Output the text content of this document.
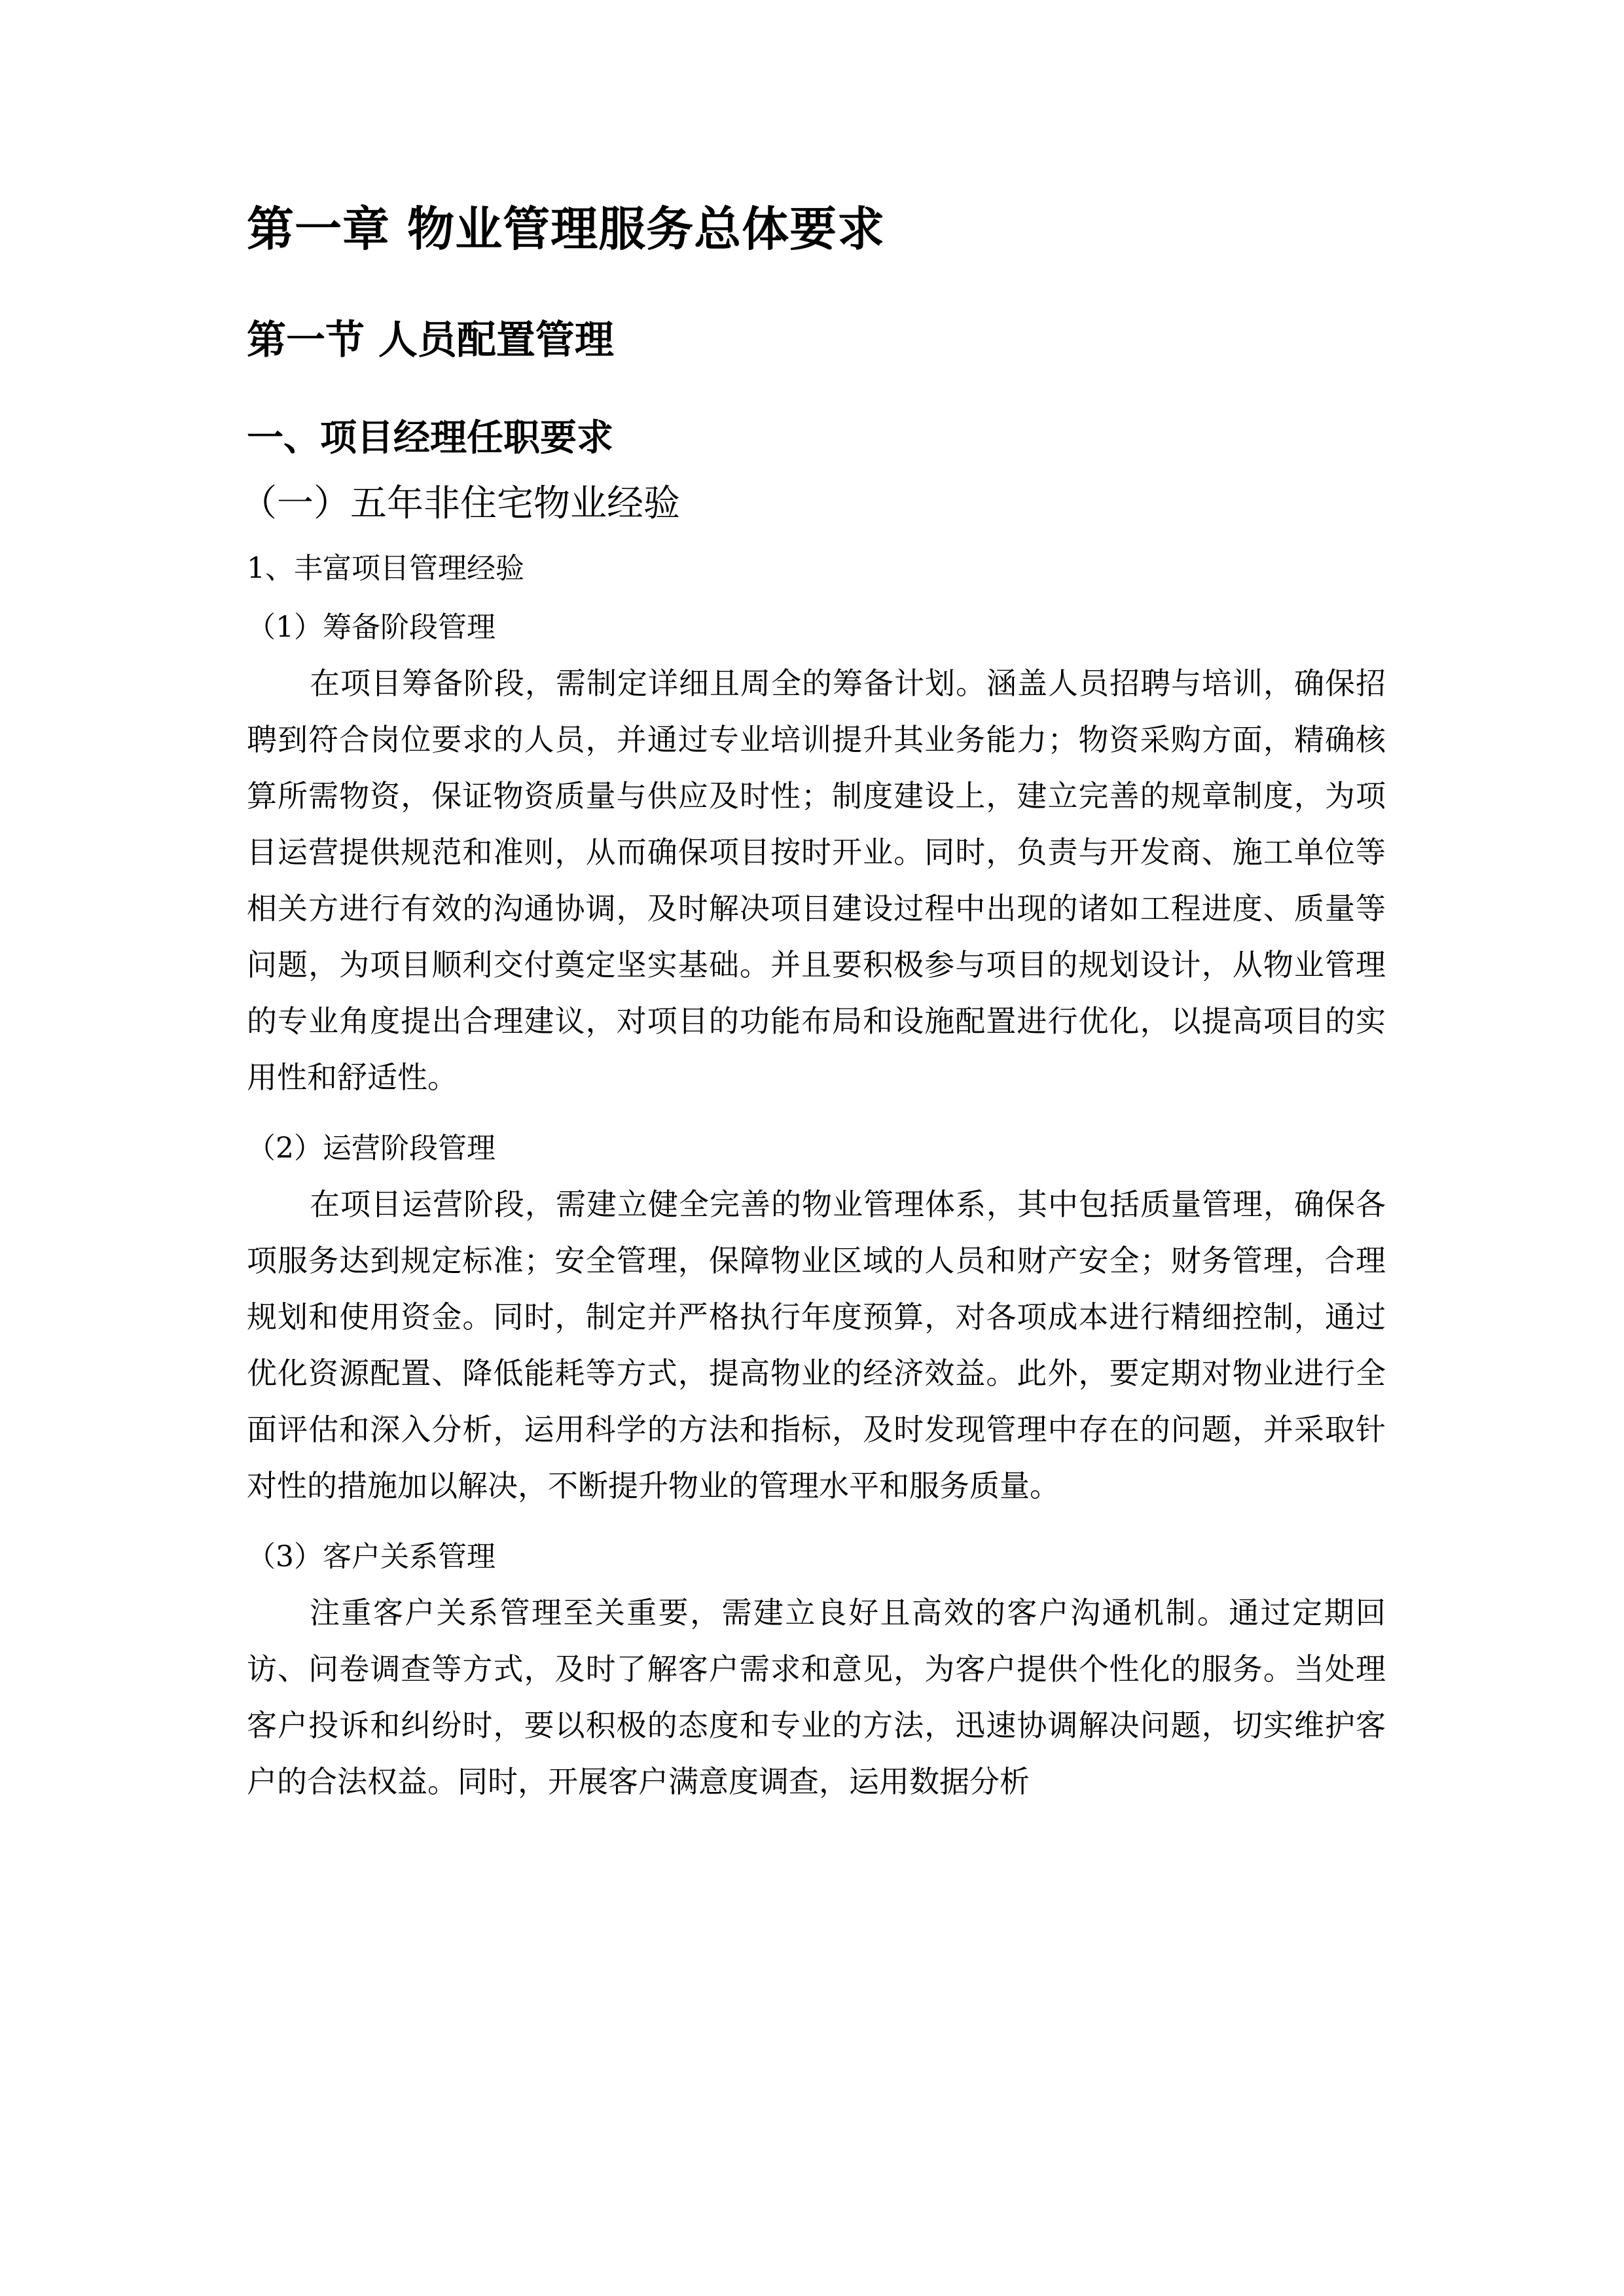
第一章 物业管理服务总体要求
第一节 人员配置管理
一、项目经理任职要求
（一）五年非住宅物业经验
1、丰富项目管理经验
（1）筹备阶段管理

在项目筹备阶段，需制定详细且周全的筹备计划。涵盖人员招聘与培训，确保招聘到符合岗位要求的人员，并通过专业培训提升其业务能力；物资采购方面，精确核算所需物资，保证物资质量与供应及时性；制度建设上，建立完善的规章制度，为项目运营提供规范和准则，从而确保项目按时开业。同时，负责与开发商、施工单位等相关方进行有效的沟通协调，及时解决项目建设过程中出现的诸如工程进度、质量等问题，为项目顺利交付奠定坚实基础。并且要积极参与项目的规划设计，从物业管理的专业角度提出合理建议，对项目的功能布局和设施配置进行优化，以提高项目的实用性和舒适性。

（2）运营阶段管理

在项目运营阶段，需建立健全完善的物业管理体系，其中包括质量管理，确保各项服务达到规定标准；安全管理，保障物业区域的人员和财产安全；财务管理，合理规划和使用资金。同时，制定并严格执行年度预算，对各项成本进行精细控制，通过优化资源配置、降低能耗等方式，提高物业的经济效益。此外，要定期对物业进行全面评估和深入分析，运用科学的方法和指标，及时发现管理中存在的问题，并采取针对性的措施加以解决，不断提升物业的管理水平和服务质量。

（3）客户关系管理

注重客户关系管理至关重要，需建立良好且高效的客户沟通机制。通过定期回访、问卷调查等方式，及时了解客户需求和意见，为客户提供个性化的服务。当处理客户投诉和纠纷时，要以积极的态度和专业的方法，迅速协调解决问题，切实维护客户的合法权益。同时，开展客户满意度调查，运用数据分析
